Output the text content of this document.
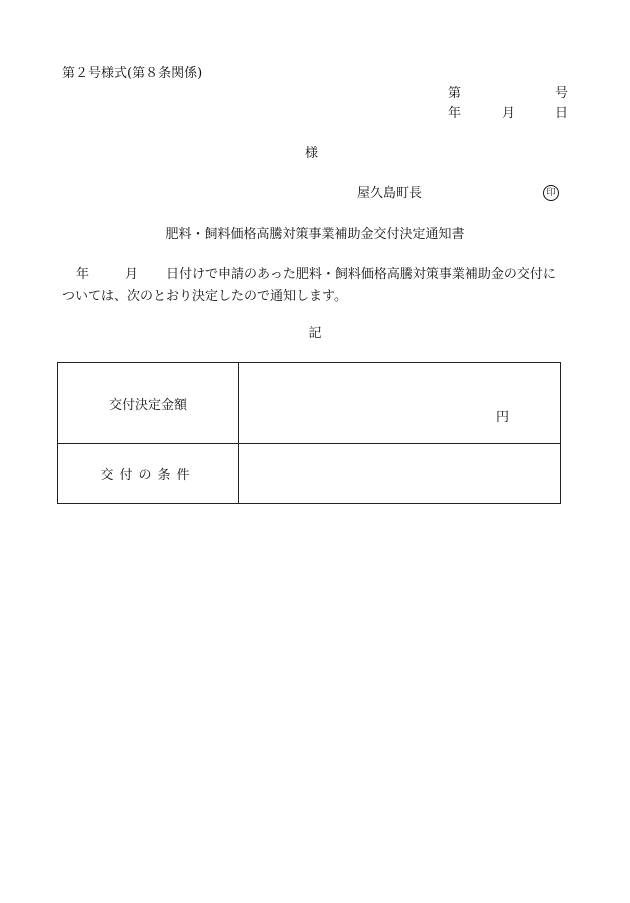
第２号様式(第８条関係)
第	号
年	月	日
様
屋久島町長	印
肥料・飼料価格高騰対策事業補助金交付決定通知書
年	月 日付けで申請のあった肥料・飼料価格高騰対策事業補助金の交付については、次のとおり決定したので通知します。
記
交付決定金額	円

交付の条件	
